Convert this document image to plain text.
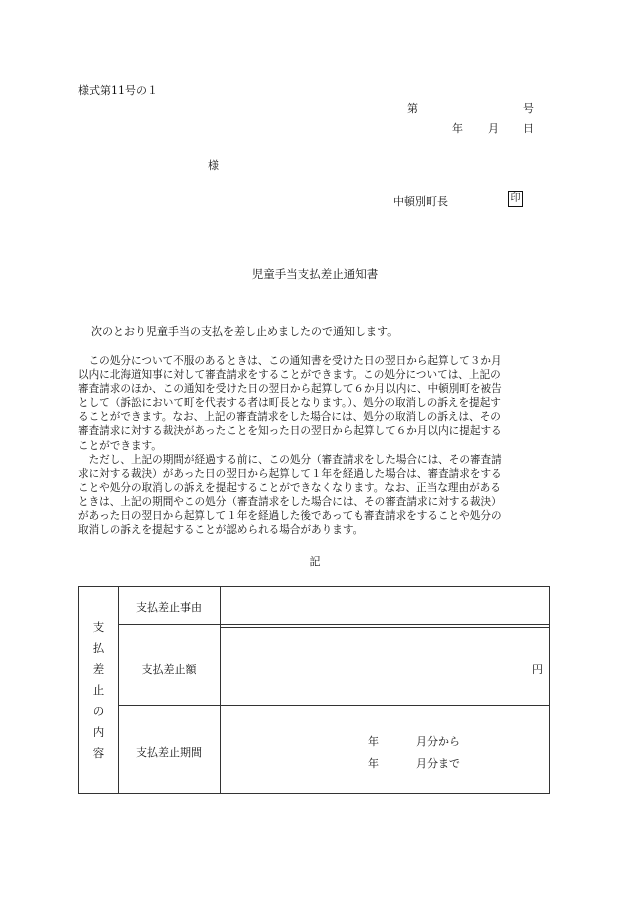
様式第11号の１
第	号
年 月 日
様
中頓別町長	印
児童手当支払差止通知書
次のとおり児童手当の支払を差し止めましたので通知します。
　この処分について不服のあるときは、この通知書を受けた日の翌日から起算して３か月
以内に北海道知事に対して審査請求をすることができます。この処分については、上記の
審査請求のほか、この通知を受けた日の翌日から起算して６か月以内に、中頓別町を被告
として（訴訟において町を代表する者は町長となります。）、処分の取消しの訴えを提起す
ることができます。なお、上記の審査請求をした場合には、処分の取消しの訴えは、その
審査請求に対する裁決があったことを知った日の翌日から起算して６か月以内に提起する
ことができます。
　ただし、上記の期間が経過する前に、この処分（審査請求をした場合には、その審査請
求に対する裁決）があった日の翌日から起算して１年を経過した場合は、審査請求をする
ことや処分の取消しの訴えを提起することができなくなります。なお、正当な理由がある
ときは、上記の期間やこの処分（審査請求をした場合には、その審査請求に対する裁決）
があった日の翌日から起算して１年を経過した後であっても審査請求をすることや処分の
取消しの訴えを提起することが認められる場合があります。
記
支
払
差
止
の
内
容
支払差止事由
支払差止額	円
支払差止期間
年	月分から
年	月分まで
